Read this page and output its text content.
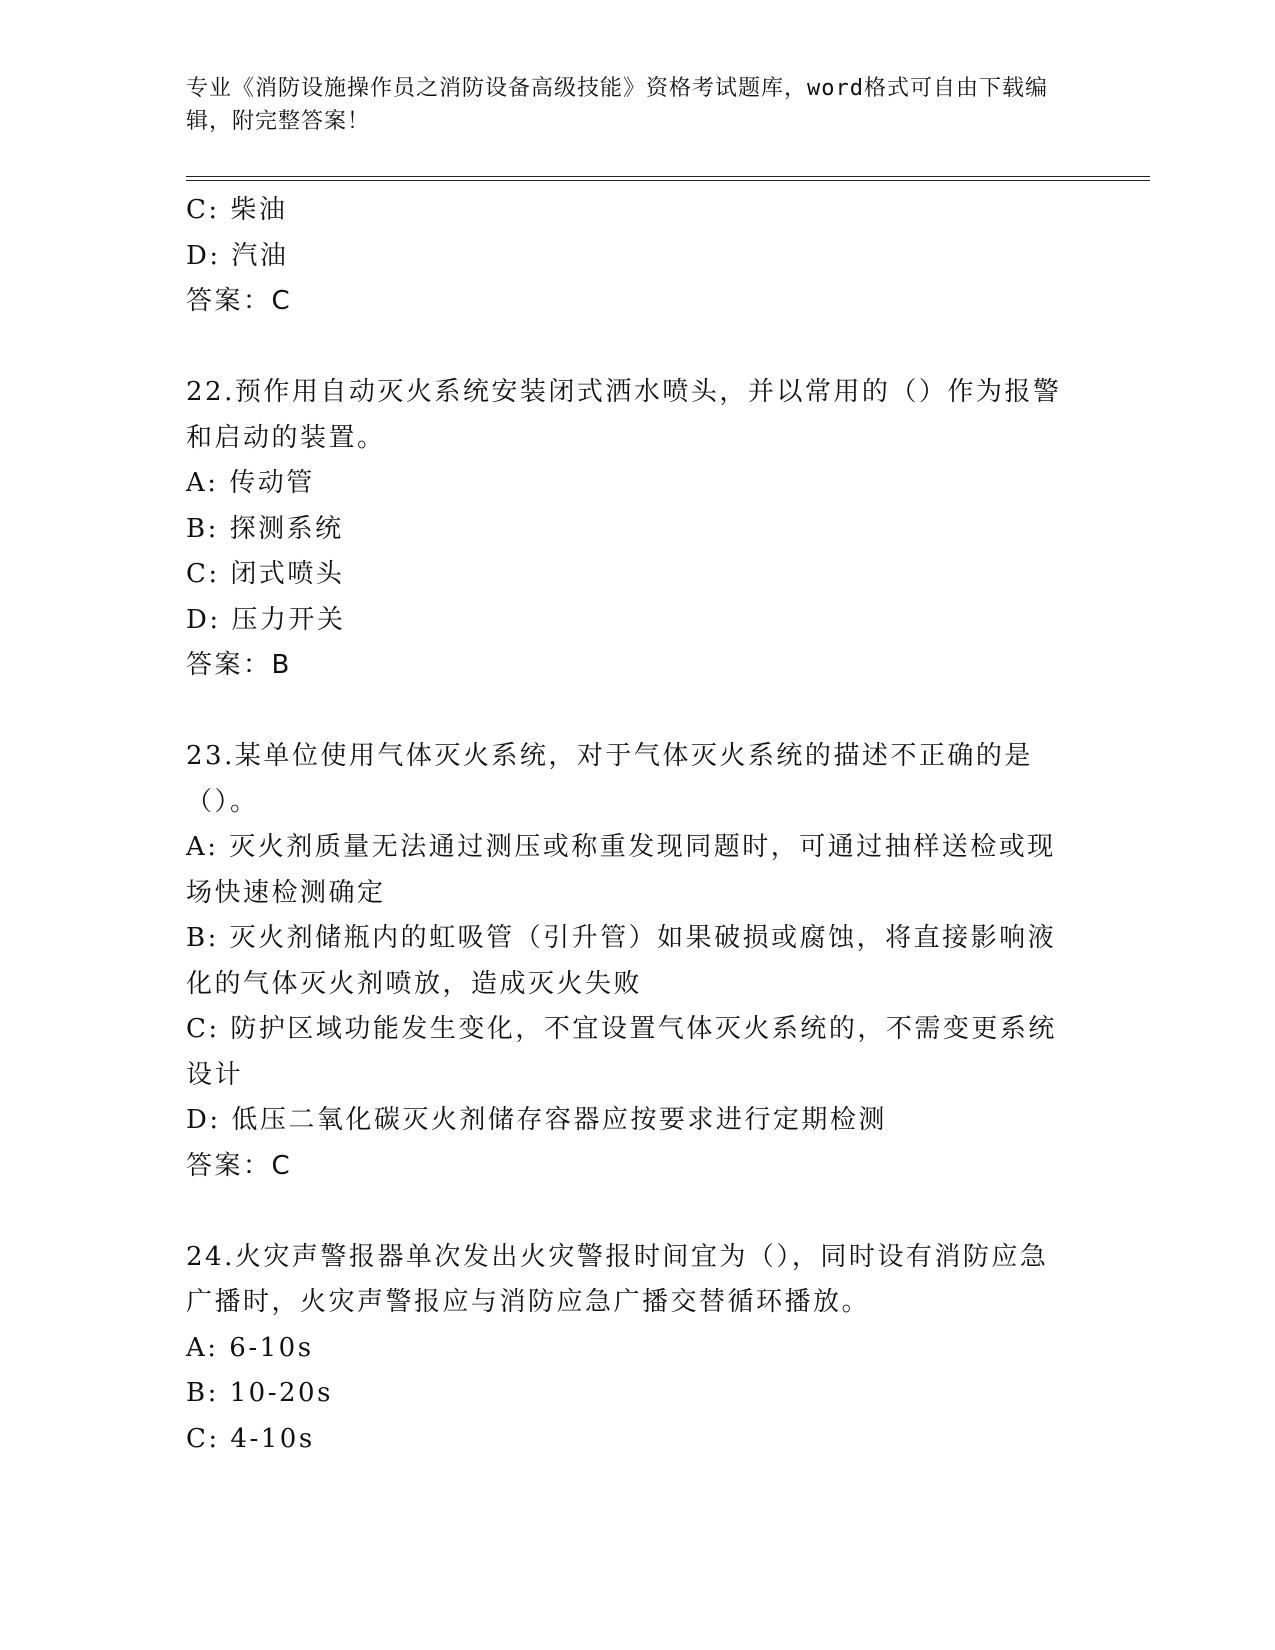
专业《消防设施操作员之消防设备高级技能》资格考试题库，word格式可自由下载编辑，附完整答案！

C: 柴油

D: 汽油

答案：C

22.预作用自动灭火系统安装闭式洒水喷头，并以常用的（）作为报警和启动的装置。

A: 传动管

B: 探测系统

C: 闭式喷头

D: 压力开关

答案：B

23.某单位使用气体灭火系统，对于气体灭火系统的描述不正确的是（）。

A: 灭火剂质量无法通过测压或称重发现同题时，可通过抽样送检或现场快速检测确定

B: 灭火剂储瓶内的虹吸管（引升管）如果破损或腐蚀，将直接影响液化的气体灭火剂喷放，造成灭火失败

C: 防护区域功能发生变化，不宜设置气体灭火系统的，不需变更系统设计

D: 低压二氧化碳灭火剂储存容器应按要求进行定期检测

答案：C

24.火灾声警报器单次发出火灾警报时间宜为（），同时设有消防应急广播时，火灾声警报应与消防应急广播交替循环播放。

A: 6-10s

B: 10-20s

C: 4-10s
